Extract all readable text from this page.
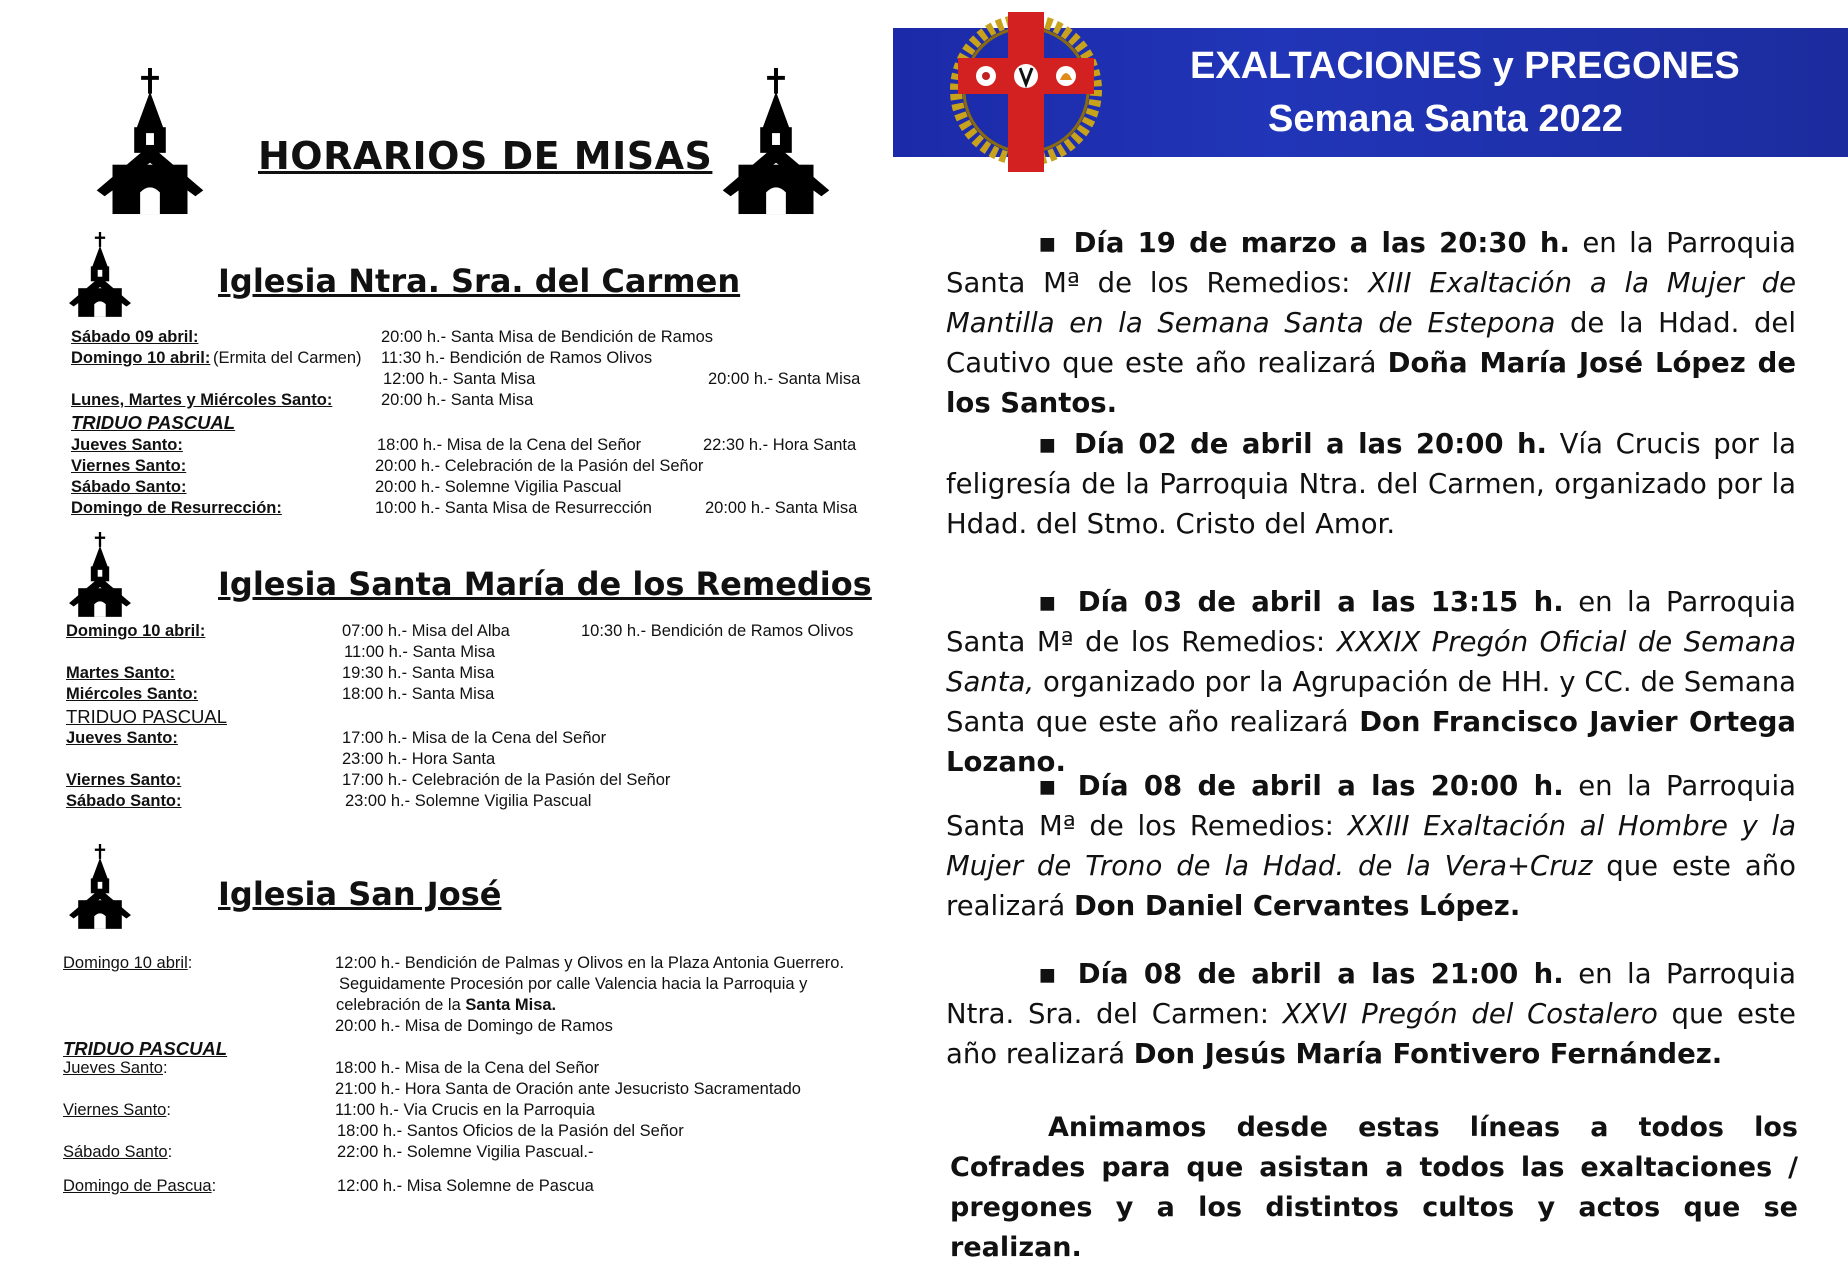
HORARIOS DE MISAS
Iglesia Ntra. Sra. del Carmen
Sábado 09 abril:	20:00 h.- Santa Misa de Bendición de Ramos
Domingo 10 abril: (Ermita del Carmen) 11:30 h.- Bendición de Ramos Olivos
12:00 h.- Santa Misa	20:00 h.- Santa Misa
Lunes, Martes y Miércoles Santo:	20:00 h.- Santa Misa
TRIDUO PASCUAL
Jueves Santo:	18:00 h.- Misa de la Cena del Señor	22:30 h.- Hora Santa
Viernes Santo:	20:00 h.- Celebración de la Pasión del Señor
Sábado Santo:	20:00 h.- Solemne Vigilia Pascual
Domingo de Resurrección:	10:00 h.- Santa Misa de Resurrección	20:00 h.- Santa Misa
Iglesia Santa María de los Remedios
Domingo 10 abril:	07:00 h.- Misa del Alba	10:30 h.- Bendición de Ramos Olivos
11:00 h.- Santa Misa
Martes Santo:	19:30 h.- Santa Misa
Miércoles Santo:	18:00 h.- Santa Misa
TRIDUO PASCUAL
Jueves Santo:	17:00 h.- Misa de la Cena del Señor
23:00 h.- Hora Santa
Viernes Santo:	17:00 h.- Celebración de la Pasión del Señor
Sábado Santo:	23:00 h.- Solemne Vigilia Pascual
Iglesia San José
Domingo 10 abril:	12:00 h.- Bendición de Palmas y Olivos en la Plaza Antonia Guerrero.
Seguidamente Procesión por calle Valencia hacia la Parroquia y
celebración de la Santa Misa.
20:00 h.- Misa de Domingo de Ramos
TRIDUO PASCUAL
Jueves Santo:	18:00 h.- Misa de la Cena del Señor
21:00 h.- Hora Santa de Oración ante Jesucristo Sacramentado
Viernes Santo:	11:00 h.- Via Crucis en la Parroquia
18:00 h.- Santos Oficios de la Pasión del Señor
Sábado Santo:	22:00 h.- Solemne Vigilia Pascual.-
Domingo de Pascua:	12:00 h.- Misa Solemne de Pascua
EXALTACIONES y PREGONES
Semana Santa 2022
▪ Día 19 de marzo a las 20:30 h. en la Parroquia Santa Mª de los Remedios: XIII Exaltación a la Mujer de Mantilla en la Semana Santa de Estepona de la Hdad. del Cautivo que este año realizará Doña María José López de los Santos.
▪ Día 02 de abril a las 20:00 h. Vía Crucis por la feligresía de la Parroquia Ntra. del Carmen, organizado por la Hdad. del Stmo. Cristo del Amor.
▪ Día 03 de abril a las 13:15 h. en la Parroquia Santa Mª de los Remedios: XXXIX Pregón Oficial de Semana Santa, organizado por la Agrupación de HH. y CC. de Semana Santa que este año realizará Don Francisco Javier Ortega Lozano.
▪ Día 08 de abril a las 20:00 h. en la Parroquia Santa Mª de los Remedios: XXIII Exaltación al Hombre y la Mujer de Trono de la Hdad. de la Vera+Cruz que este año realizará Don Daniel Cervantes López.
▪ Día 08 de abril a las 21:00 h. en la Parroquia Ntra. Sra. del Carmen: XXVI Pregón del Costalero que este año realizará Don Jesús María Fontivero Fernández.
Animamos desde estas líneas a todos los Cofrades para que asistan a todos las exaltaciones / pregones y a los distintos cultos y actos que se realizan.
